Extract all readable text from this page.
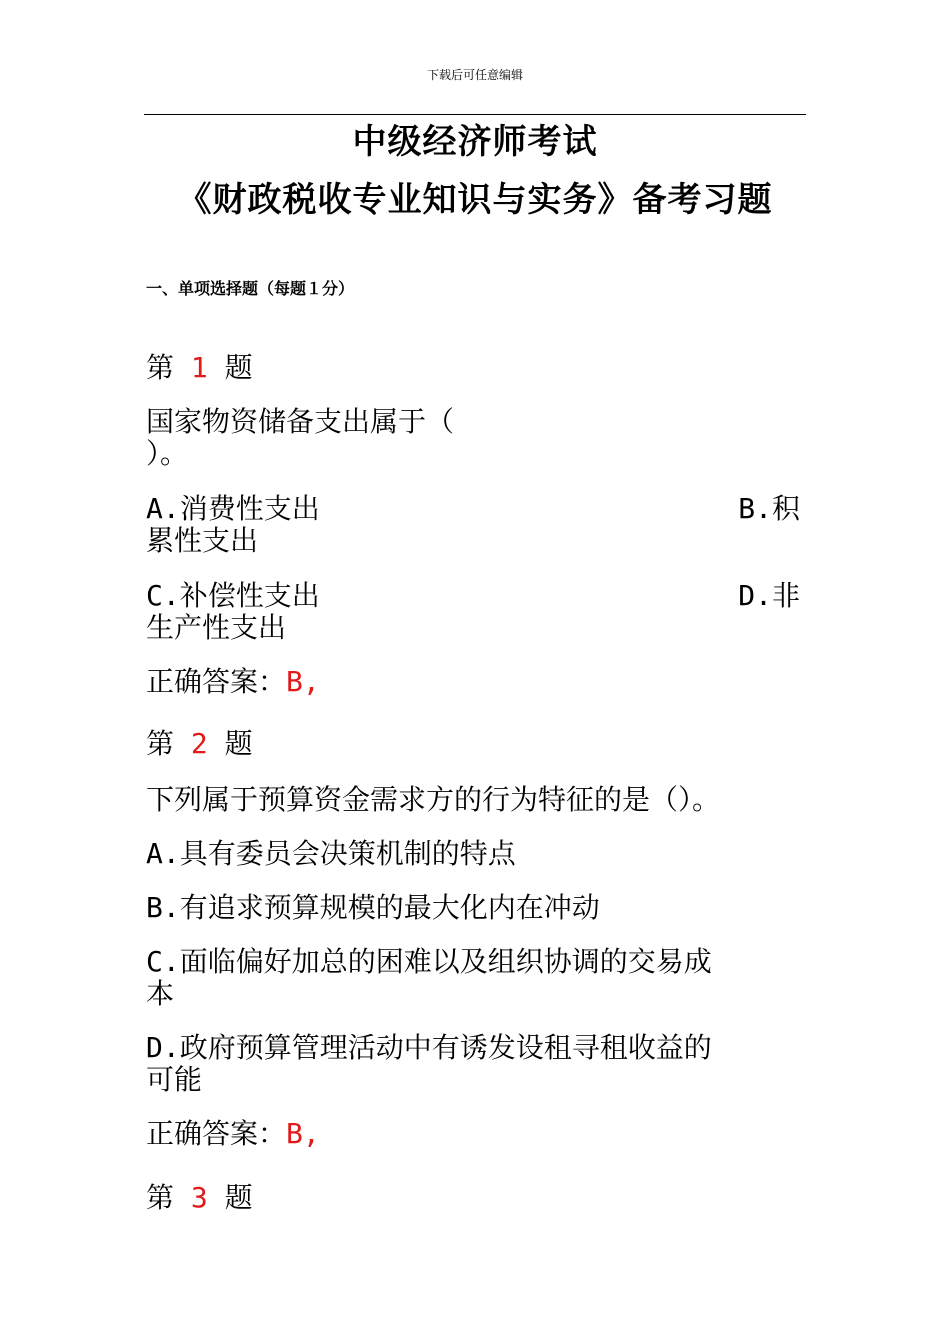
下载后可任意编辑
中级经济师考试
《财政税收专业知识与实务》备考习题
一、单项选择题（每题１分）
第 1 题
国家物资储备支出属于（
）。
A.消费性支出	B.积
累性支出
C.补偿性支出	D.非
生产性支出
正确答案：B,
第 2 题
下列属于预算资金需求方的行为特征的是（）。
A.具有委员会决策机制的特点
B.有追求预算规模的最大化内在冲动
C.面临偏好加总的困难以及组织协调的交易成
本
D.政府预算管理活动中有诱发设租寻租收益的
可能
正确答案：B,
第 3 题
